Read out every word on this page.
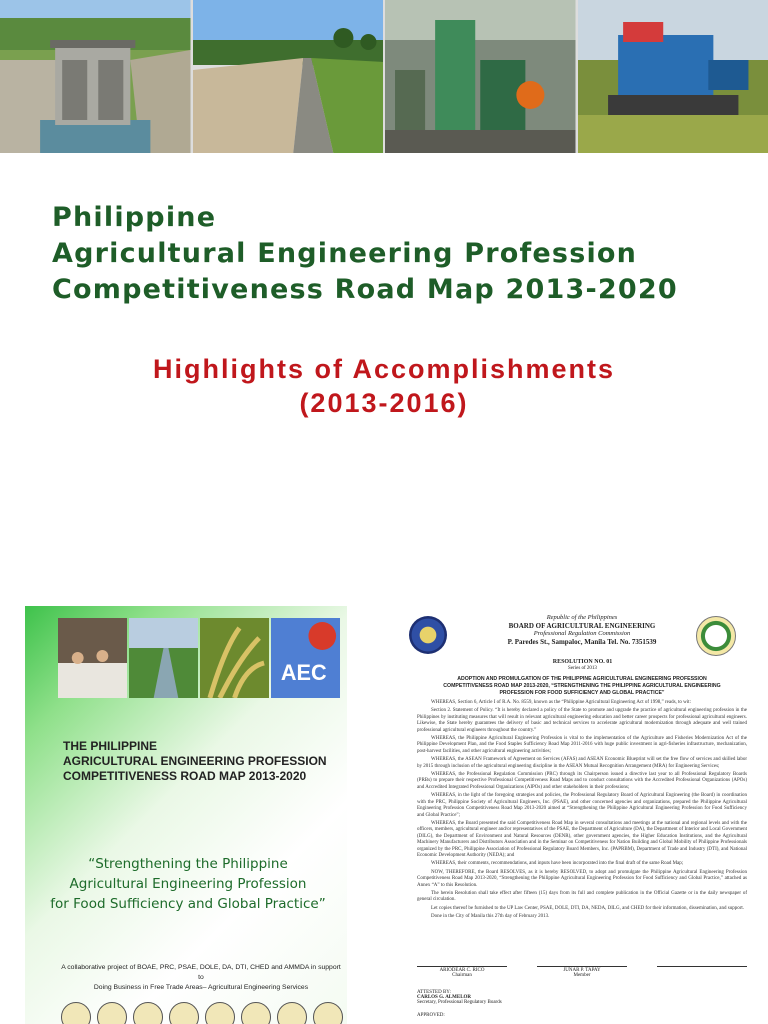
Philippine
Agricultural Engineering Profession
Competitiveness Road Map 2013-2020
Highlights of Accomplishments
(2013-2016)
AEC
THE PHILIPPINE
AGRICULTURAL ENGINEERING PROFESSION
COMPETITIVENESS ROAD MAP 2013-2020
“Strengthening the Philippine
Agricultural Engineering Profession
for Food Sufficiency and Global Practice”
A collaborative project of BOAE, PRC, PSAE, DOLE, DA, DTI, CHED and AMMDA in support to
Doing Business in Free Trade Areas– Agricultural Engineering Services
Republic of the Philippines
BOARD OF AGRICULTURAL ENGINEERING
Professional Regulation Commission
P. Paredes St., Sampaloc, Manila Tel. No. 7351539
RESOLUTION NO. 01
Series of 2013
ADOPTION AND PROMULGATION OF THE PHILIPPINE AGRICULTURAL ENGINEERING PROFESSION COMPETITIVENESS ROAD MAP 2013-2020, “STRENGTHENING THE PHILIPPINE AGRICULTURAL ENGINEERING PROFESSION FOR FOOD SUFFICIENCY AND GLOBAL PRACTICE”

WHEREAS, Section 6, Article I of R.A. No. 8559, known as the “Philippine Agricultural Engineering Act of 1998,” reads, to wit:

Section 2. Statement of Policy. “It is hereby declared a policy of the State to promote and upgrade the practice of agricultural engineering profession in the Philippines by instituting measures that will result in relevant agricultural engineering education and better career prospects for professional agricultural engineers. Likewise, the State hereby guarantees the delivery of basic and technical services to accelerate agricultural modernization through adequate and well trained professional agricultural engineers throughout the country.”

WHEREAS, the Philippine Agricultural Engineering Profession is vital to the implementation of the Agriculture and Fisheries Modernization Act of the Philippine Development Plan, and the Food Staples Sufficiency Road Map 2011-2016 with huge public investment in agri-fisheries infrastructure, mechanization, post-harvest facilities, and other agricultural engineering activities;

WHEREAS, the ASEAN Framework of Agreement on Services (AFAS) and ASEAN Economic Blueprint will set the free flow of services and skilled labor by 2015 through inclusion of the agricultural engineering discipline in the ASEAN Mutual Recognition Arrangement (MRA) for Engineering Services;

WHEREAS, the Professional Regulation Commission (PRC) through its Chairperson issued a directive last year to all Professional Regulatory Boards (PRBs) to prepare their respective Professional Competitiveness Road Maps and to conduct consultations with the Accredited Professional Organizations (APOs) and Accredited Integrated Professional Organizations (AIPOs) and other stakeholders in their professions;

WHEREAS, in the light of the foregoing strategies and policies, the Professional Regulatory Board of Agricultural Engineering (the Board) in coordination with the PRC, Philippine Society of Agricultural Engineers, Inc. (PSAE), and other concerned agencies and organizations, prepared the Philippine Agricultural Engineering Profession Competitiveness Road Map 2013-2020 aimed at “Strengthening the Philippine Agricultural Engineering Profession for Food Sufficiency and Global Practice”;

WHEREAS, the Board presented the said Competitiveness Road Map in several consultations and meetings at the national and regional levels and with the officers, members, agricultural engineer and/or representatives of the PSAE, the Department of Agriculture (DA), the Department of Interior and Local Government (DILG), the Department of Environment and Natural Resources (DENR), other government agencies, the Higher Education Institutions, and the Agricultural Machinery Manufacturers and Distributors Association and in the Seminar on Competitiveness for Nation Building and Global Mobility of Philippine Professionals organized by the PRC, Philippine Association of Professional Regulatory Board Members, Inc. (PAPRBM), Department of Trade and Industry (DTI), and National Economic Development Authority (NEDA); and

WHEREAS, their comments, recommendations, and inputs have been incorporated into the final draft of the same Road Map;

NOW, THEREFORE, the Board RESOLVES, as it is hereby RESOLVED, to adopt and promulgate the Philippine Agricultural Engineering Profession Competitiveness Road Map 2013-2020, “Strengthening the Philippine Agricultural Engineering Profession for Food Sufficiency and Global Practice,” attached as Annex “A” to this Resolution.

The herein Resolution shall take effect after fifteen (15) days from its full and complete publication in the Official Gazette or in the daily newspaper of general circulation.

Let copies thereof be furnished to the UP Law Center, PSAE, DOLE, DTI, DA, NEDA, DILG, and CHED for their information, dissemination, and support.

Done in the City of Manila this 27th day of February 2013.

ARIODEAR C. RICO
Chairman
JUNAR P. TAPAY
Member
ATTESTED BY:
CARLOS G. ALMELOR
Secretary, Professional Regulatory Boards
APPROVED:
